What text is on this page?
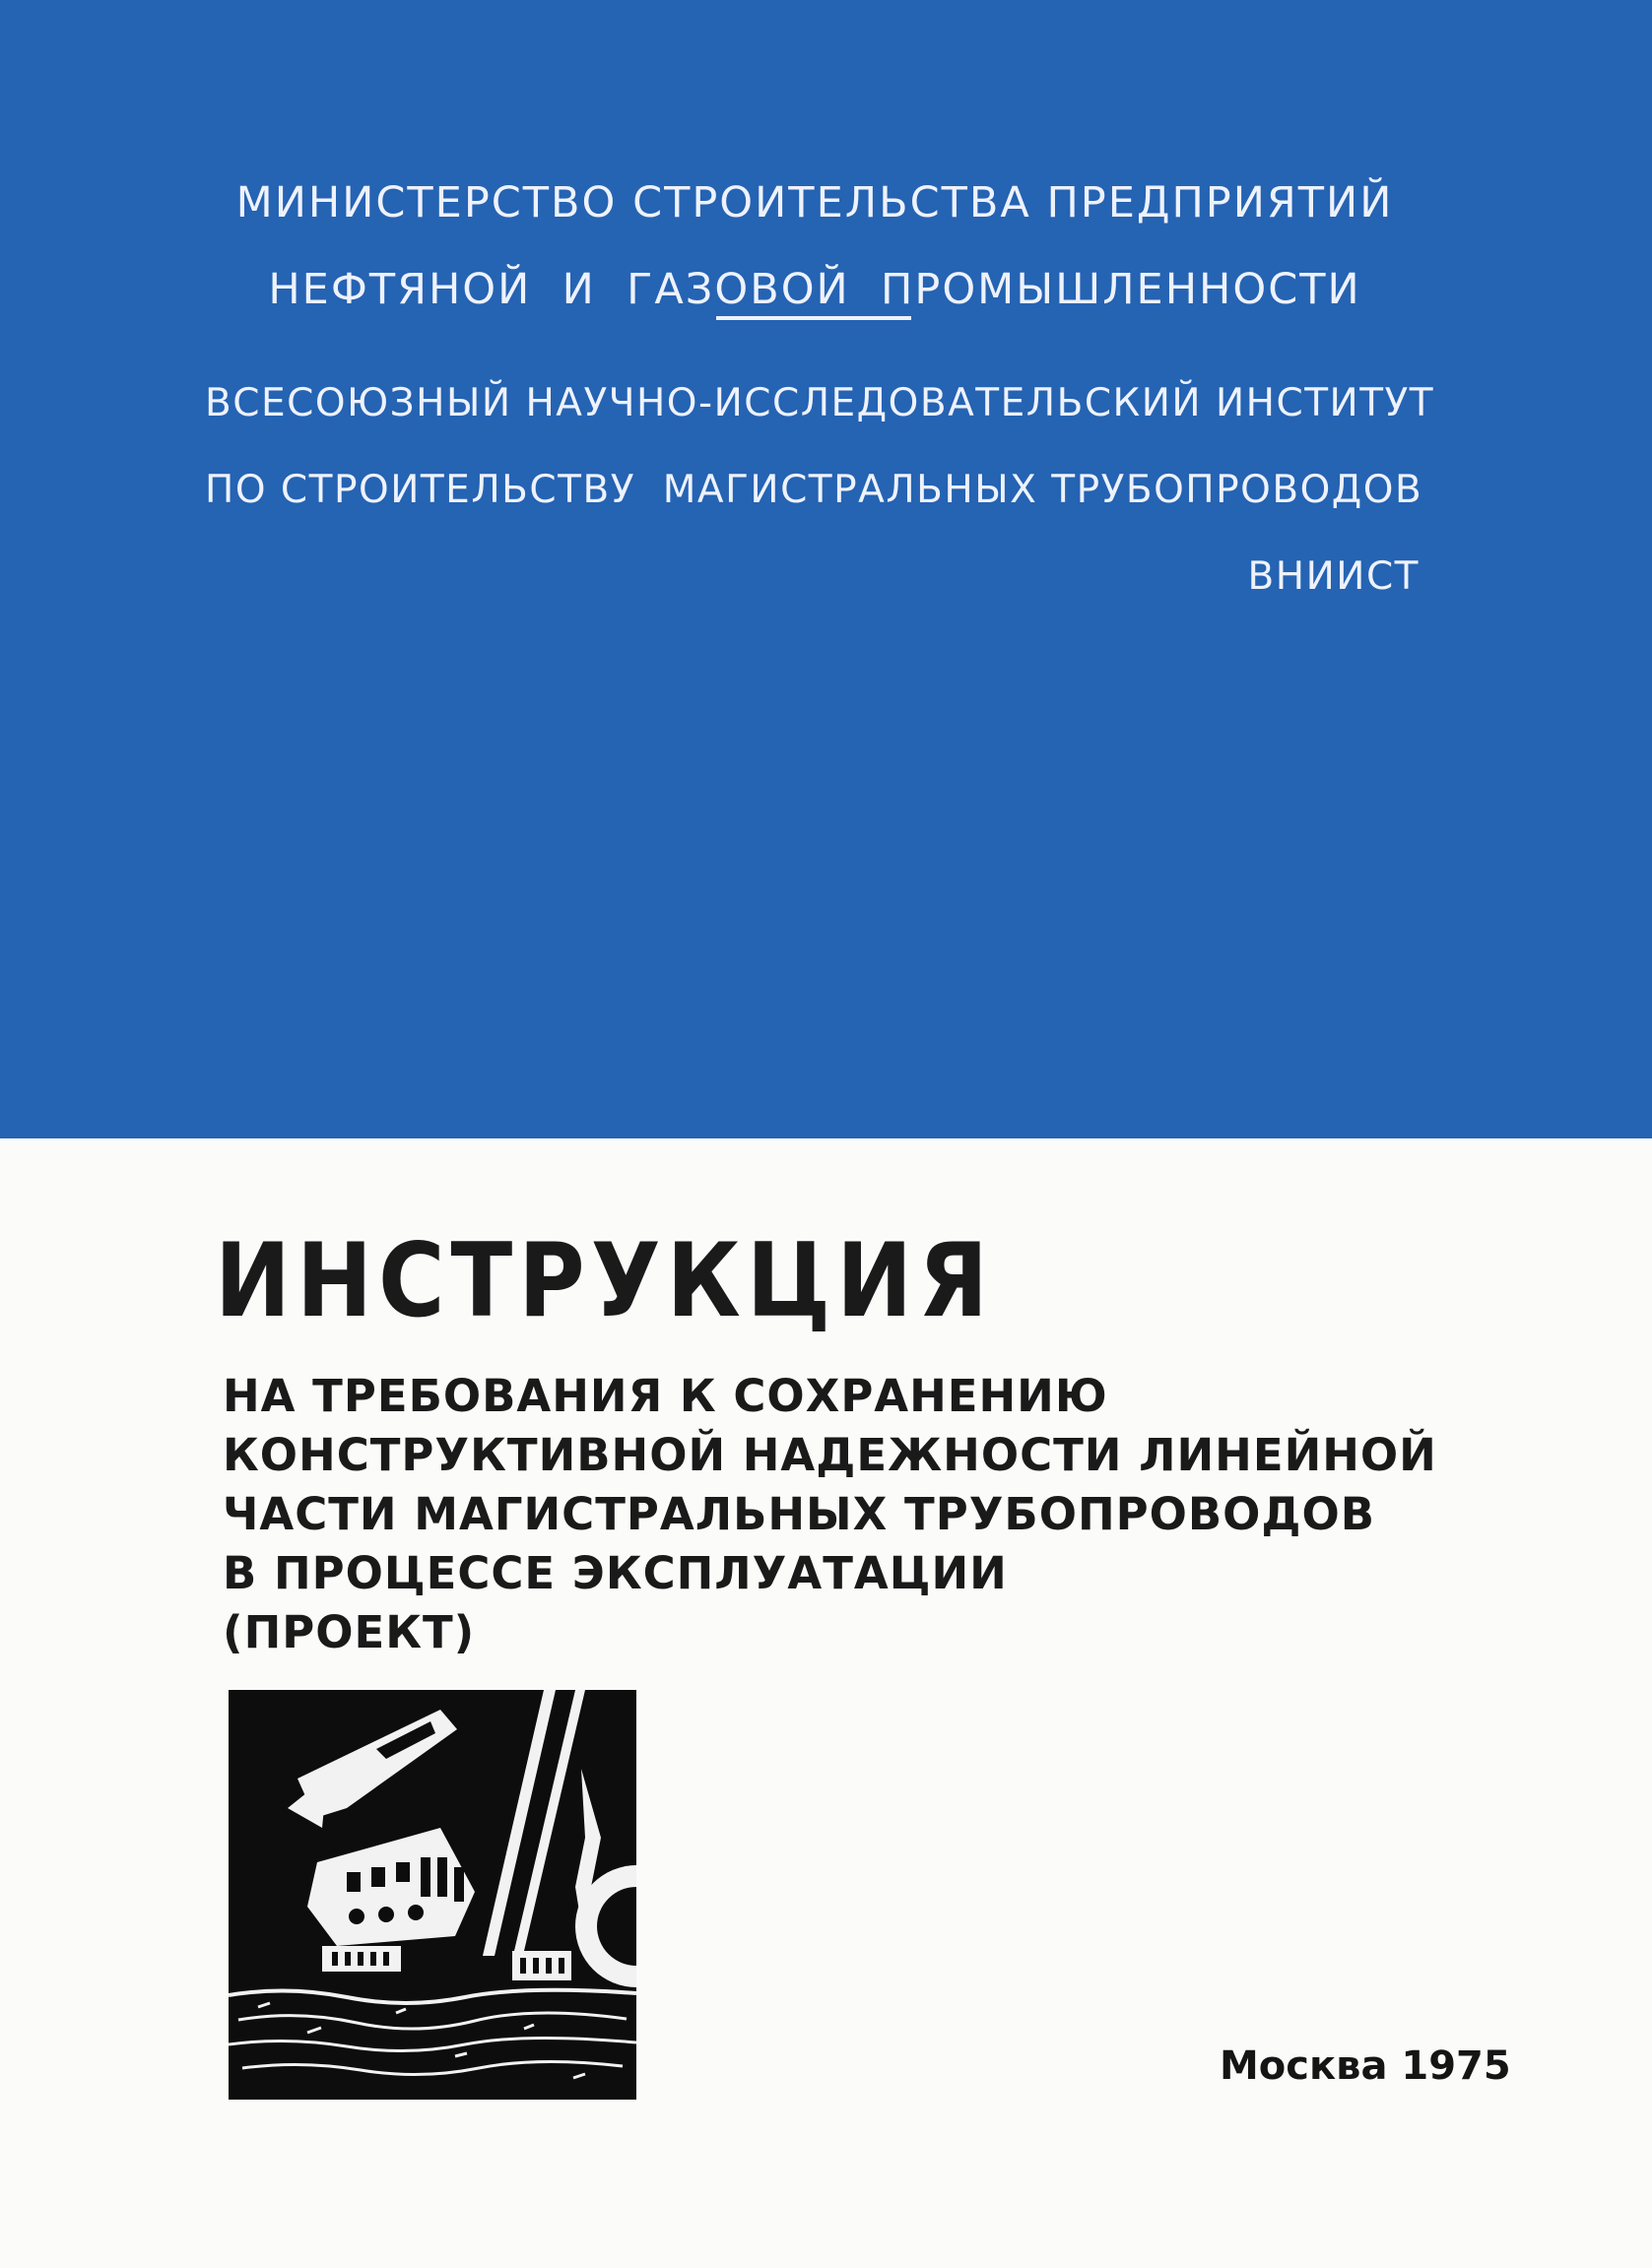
МИНИСТЕРСТВО СТРОИТЕЛЬСТВА ПРЕДПРИЯТИЙ
НЕФТЯНОЙ  И  ГАЗОВОЙ  ПРОМЫШЛЕННОСТИ
ВСЕСОЮЗНЫЙ НАУЧНО-ИССЛЕДОВАТЕЛЬСКИЙ ИНСТИТУТ
ПО СТРОИТЕЛЬСТВУ  МАГИСТРАЛЬНЫХ ТРУБОПРОВОДОВ
ВНИИСТ
ИНСТРУКЦИЯ
НА ТРЕБОВАНИЯ К СОХРАНЕНИЮ
КОНСТРУКТИВНОЙ НАДЕЖНОСТИ ЛИНЕЙНОЙ
ЧАСТИ МАГИСТРАЛЬНЫХ ТРУБОПРОВОДОВ
В ПРОЦЕССЕ ЭКСПЛУАТАЦИИ
(ПРОЕКТ)
Москва 1975
